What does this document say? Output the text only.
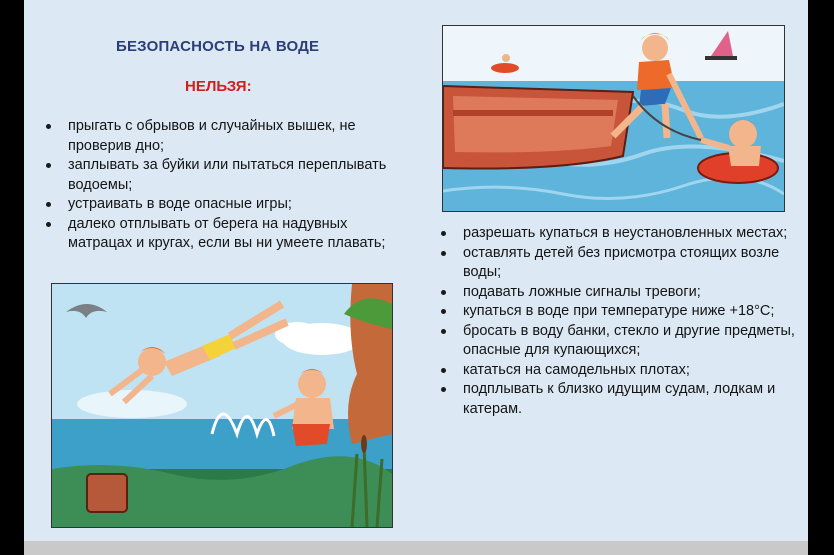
БЕЗОПАСНОСТЬ НА ВОДЕ
НЕЛЬЗЯ:
прыгать с обрывов и случайных вышек, не проверив дно;
заплывать за буйки или пытаться переплывать водоемы;
устраивать в воде опасные игры;
далеко отплывать от берега на надувных матрацах и кругах, если вы ни умеете плавать;
разрешать купаться в неустановленных местах;
оставлять детей без присмотра стоящих возле воды;
подавать ложные сигналы тревоги;
купаться в воде при температуре ниже +18°С;
бросать в воду банки, стекло и другие предметы, опасные для купающихся;
кататься на самодельных плотах;
подплывать к близко идущим судам, лодкам и катерам.
